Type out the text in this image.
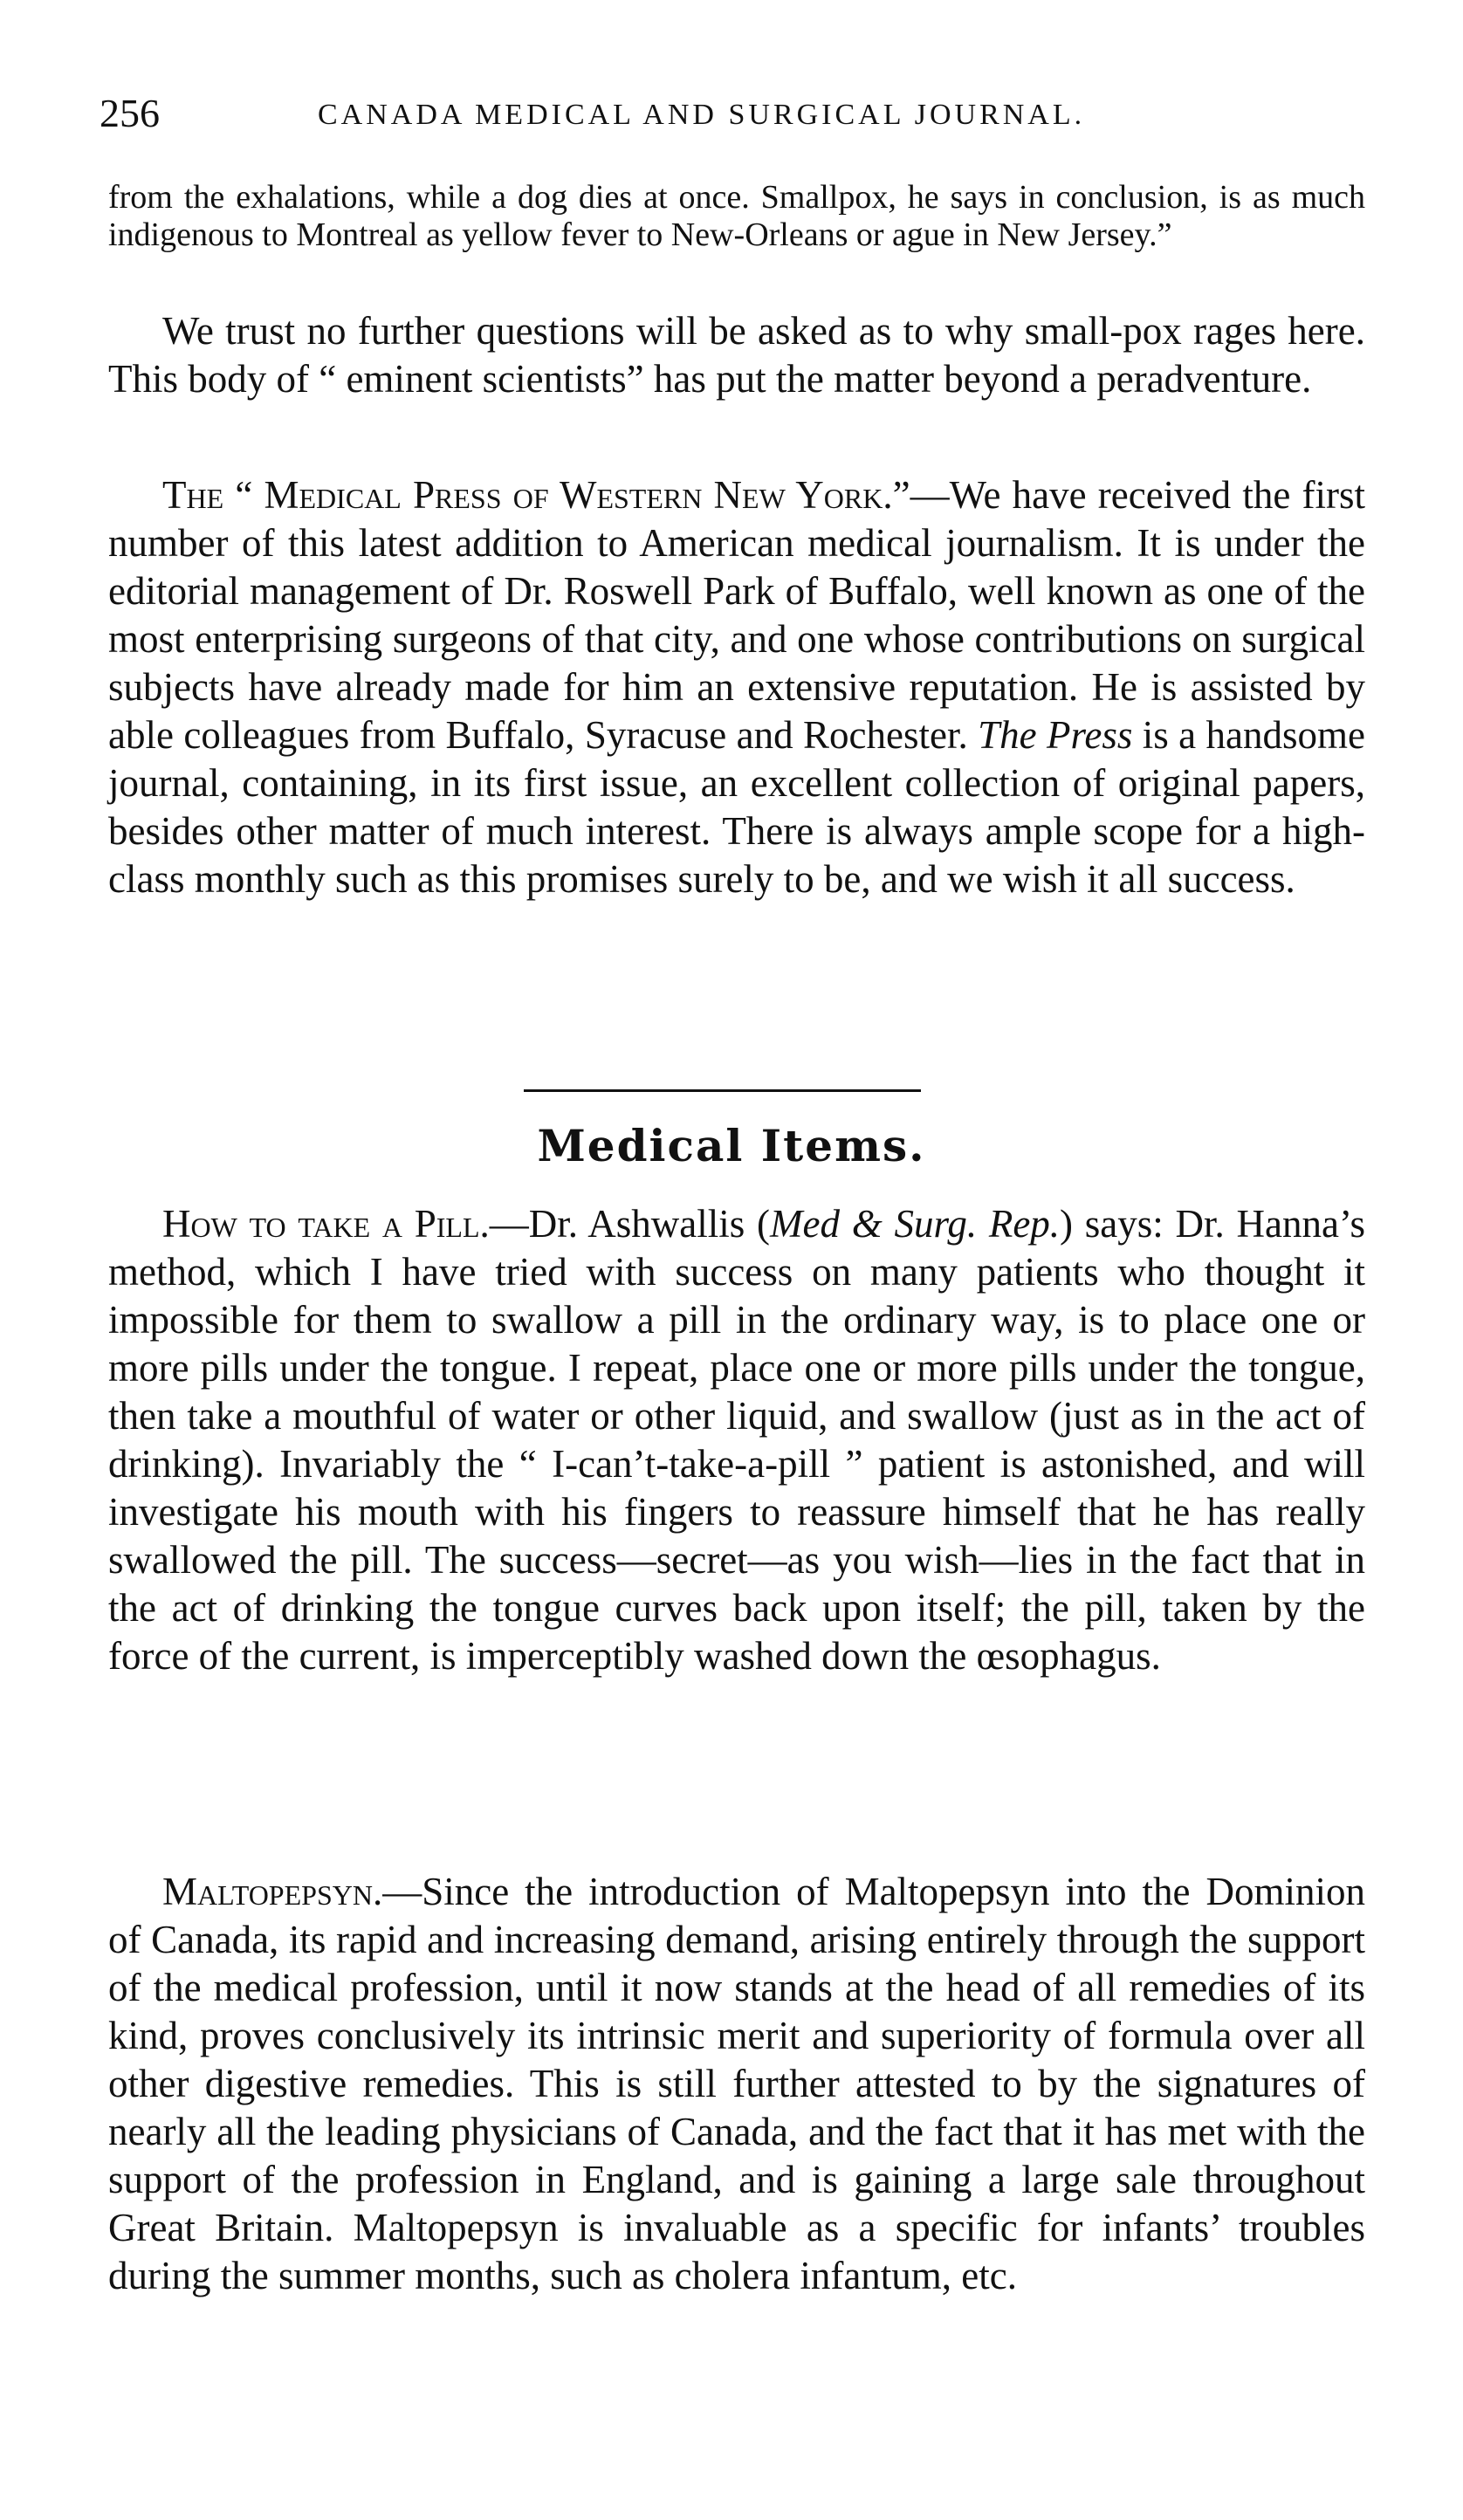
256	CANADA MEDICAL AND SURGICAL JOURNAL.

from the exhalations, while a dog dies at once. Smallpox, he says in conclusion, is as much indigenous to Montreal as yellow fever to New-Orleans or ague in New Jersey.”

We trust no further questions will be asked as to why small-pox rages here. This body of “ eminent scientists” has put the matter beyond a peradventure.

The “ Medical Press of Western New York.”—We have received the first number of this latest addition to American medical journalism. It is under the editorial management of Dr. Roswell Park of Buffalo, well known as one of the most enterprising surgeons of that city, and one whose contributions on surgical subjects have already made for him an extensive reputation. He is assisted by able colleagues from Buffalo, Syracuse and Rochester. The Press is a handsome journal, containing, in its first issue, an excellent collection of original papers, besides other matter of much interest. There is always ample scope for a high-class monthly such as this promises surely to be, and we wish it all success.

Medical Items.

How to take a Pill.—Dr. Ashwallis (Med & Surg. Rep.) says: Dr. Hanna’s method, which I have tried with success on many patients who thought it impossible for them to swallow a pill in the ordinary way, is to place one or more pills under the tongue. I repeat, place one or more pills under the tongue, then take a mouthful of water or other liquid, and swallow (just as in the act of drinking). Invariably the “ I-can’t-take-a-pill ” patient is astonished, and will investigate his mouth with his fingers to reassure himself that he has really swallowed the pill. The success—secret—as you wish—lies in the fact that in the act of drinking the tongue curves back upon itself; the pill, taken by the force of the current, is imperceptibly washed down the œsophagus.

Maltopepsyn.—Since the introduction of Maltopepsyn into the Dominion of Canada, its rapid and increasing demand, arising entirely through the support of the medical profession, until it now stands at the head of all remedies of its kind, proves conclusively its intrinsic merit and superiority of formula over all other digestive remedies. This is still further attested to by the signatures of nearly all the leading physicians of Canada, and the fact that it has met with the support of the profession in England, and is gaining a large sale throughout Great Britain. Maltopepsyn is invaluable as a specific for infants’ troubles during the summer months, such as cholera infantum, etc.
